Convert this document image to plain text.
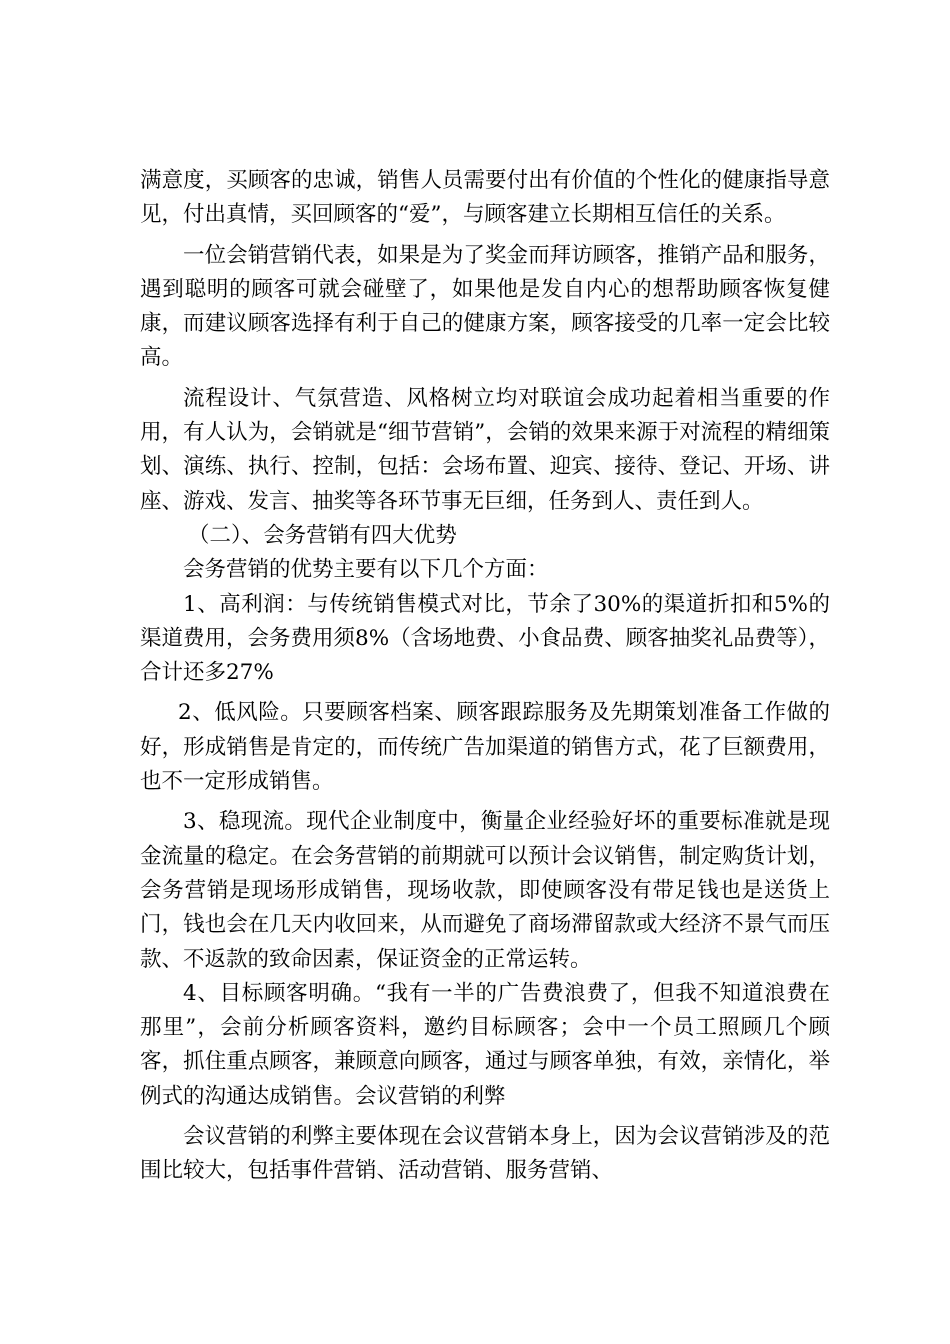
满意度，买顾客的忠诚，销售人员需要付出有价值的个性化的健康指导意见，付出真情，买回顾客的“爱”，与顾客建立长期相互信任的关系。

一位会销营销代表，如果是为了奖金而拜访顾客，推销产品和服务，遇到聪明的顾客可就会碰壁了，如果他是发自内心的想帮助顾客恢复健康，而建议顾客选择有利于自己的健康方案，顾客接受的几率一定会比较高。

流程设计、气氛营造、风格树立均对联谊会成功起着相当重要的作用，有人认为，会销就是“细节营销”，会销的效果来源于对流程的精细策划、演练、执行、控制，包括：会场布置、迎宾、接待、登记、开场、讲座、游戏、发言、抽奖等各环节事无巨细，任务到人、责任到人。

（二）、会务营销有四大优势

会务营销的优势主要有以下几个方面：

1、高利润：与传统销售模式对比，节余了30%的渠道折扣和5%的渠道费用，会务费用须8%（含场地费、小食品费、顾客抽奖礼品费等），合计还多27%

2、低风险。只要顾客档案、顾客跟踪服务及先期策划准备工作做的好，形成销售是肯定的，而传统广告加渠道的销售方式，花了巨额费用，也不一定形成销售。

3、稳现流。现代企业制度中，衡量企业经验好坏的重要标准就是现金流量的稳定。在会务营销的前期就可以预计会议销售，制定购货计划，会务营销是现场形成销售，现场收款，即使顾客没有带足钱也是送货上门，钱也会在几天内收回来，从而避免了商场滞留款或大经济不景气而压款、不返款的致命因素，保证资金的正常运转。

4、目标顾客明确。“我有一半的广告费浪费了，但我不知道浪费在那里”，会前分析顾客资料，邀约目标顾客；会中一个员工照顾几个顾客，抓住重点顾客，兼顾意向顾客，通过与顾客单独，有效，亲情化，举例式的沟通达成销售。会议营销的利弊

会议营销的利弊主要体现在会议营销本身上，因为会议营销涉及的范围比较大，包括事件营销、活动营销、服务营销、
